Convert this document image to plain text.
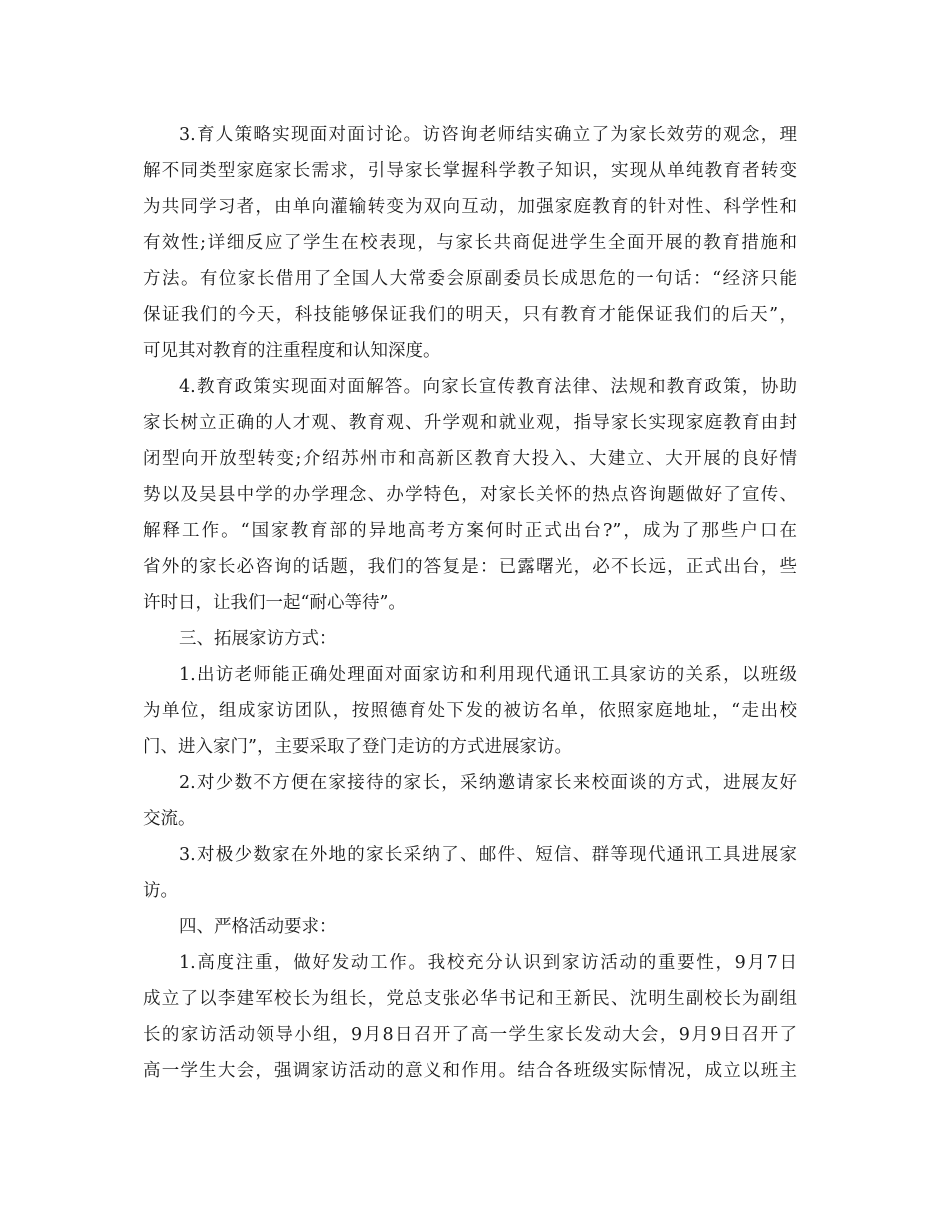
3.育人策略实现面对面讨论。访咨询老师结实确立了为家长效劳的观念，理
解不同类型家庭家长需求，引导家长掌握科学教子知识，实现从单纯教育者转变
为共同学习者，由单向灌输转变为双向互动，加强家庭教育的针对性、科学性和
有效性;详细反应了学生在校表现，与家长共商促进学生全面开展的教育措施和
方法。有位家长借用了全国人大常委会原副委员长成思危的一句话：“经济只能
保证我们的今天，科技能够保证我们的明天，只有教育才能保证我们的后天”，
可见其对教育的注重程度和认知深度。
4.教育政策实现面对面解答。向家长宣传教育法律、法规和教育政策，协助
家长树立正确的人才观、教育观、升学观和就业观，指导家长实现家庭教育由封
闭型向开放型转变;介绍苏州市和高新区教育大投入、大建立、大开展的良好情
势以及吴县中学的办学理念、办学特色，对家长关怀的热点咨询题做好了宣传、
解释工作。“国家教育部的异地高考方案何时正式出台?”，成为了那些户口在
省外的家长必咨询的话题，我们的答复是：已露曙光，必不长远，正式出台，些
许时日，让我们一起“耐心等待”。
三、拓展家访方式：
1.出访老师能正确处理面对面家访和利用现代通讯工具家访的关系，以班级
为单位，组成家访团队，按照德育处下发的被访名单，依照家庭地址，“走出校
门、进入家门”，主要采取了登门走访的方式进展家访。
2.对少数不方便在家接待的家长，采纳邀请家长来校面谈的方式，进展友好
交流。
3.对极少数家在外地的家长采纳了、邮件、短信、群等现代通讯工具进展家
访。
四、严格活动要求：
1.高度注重，做好发动工作。我校充分认识到家访活动的重要性，9月7日
成立了以李建军校长为组长，党总支张必华书记和王新民、沈明生副校长为副组
长的家访活动领导小组，9月8日召开了高一学生家长发动大会，9月9日召开了
高一学生大会，强调家访活动的意义和作用。结合各班级实际情况，成立以班主
